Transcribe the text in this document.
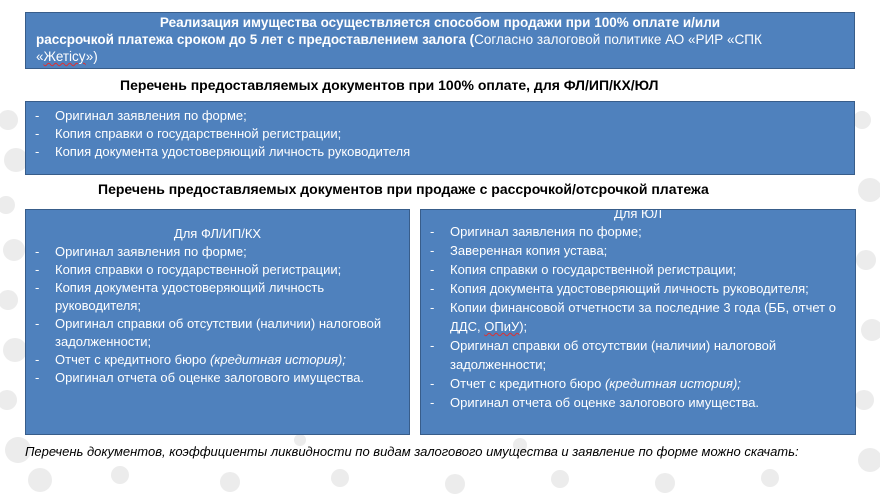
Реализация имущества осуществляется способом продажи при 100% оплате и/или
рассрочкой платежа сроком до 5 лет с предоставлением залога (Согласно залоговой политике АО «РИР «СПК
«Жетісу»)
Перечень предоставляемых документов при 100% оплате, для ФЛ/ИП/КХ/ЮЛ
- Оригинал заявления по форме;
- Копия справки о государственной регистрации;
- Копия документа удостоверяющий личность руководителя
Перечень предоставляемых документов при продаже с рассрочкой/отсрочкой платежа
Для ФЛ/ИП/КХ
- Оригинал заявления по форме;
- Копия справки о государственной регистрации;
- Копия документа удостоверяющий личность руководителя;
- Оригинал справки об отсутствии (наличии) налоговой задолженности;
- Отчет с кредитного бюро (кредитная история);
- Оригинал отчета об оценке залогового имущества.
Для ЮЛ
- Оригинал заявления по форме;
- Заверенная копия устава;
- Копия справки о государственной регистрации;
- Копия документа удостоверяющий личность руководителя;
- Копии финансовой отчетности за последние 3 года (ББ, отчет о ДДС, ОПиУ);
- Оригинал справки об отсутствии (наличии) налоговой задолженности;
- Отчет с кредитного бюро (кредитная история);
- Оригинал отчета об оценке залогового имущества.
Перечень документов, коэффициенты ликвидности по видам залогового имущества и заявление по форме можно скачать:
